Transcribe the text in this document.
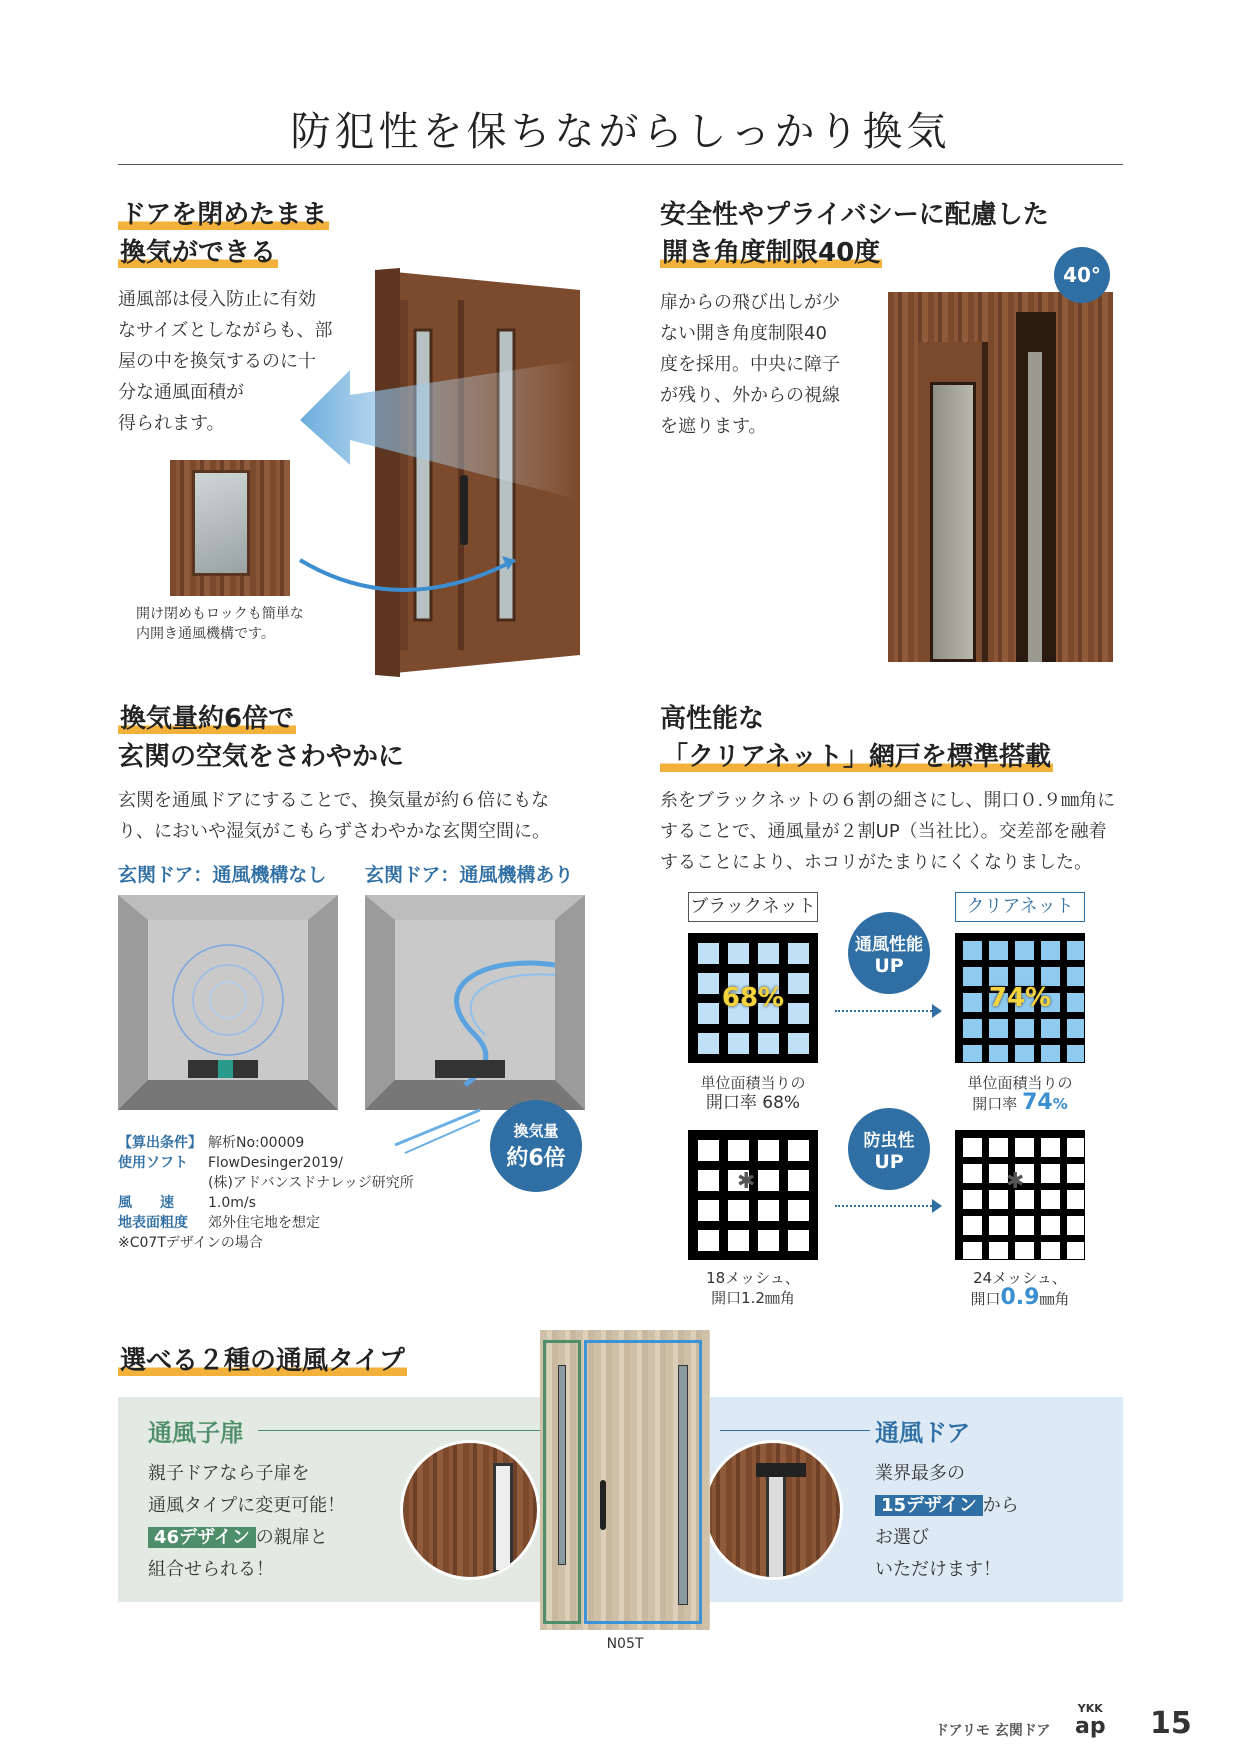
防犯性を保ちながらしっかり換気
ドアを閉めたまま
換気ができる
通風部は侵入防止に有効
なサイズとしながらも、部
屋の中を換気するのに十
分な通風面積が
得られます。
開け閉めもロックも簡単な
内開き通風機構です。
安全性やプライバシーに配慮した
開き角度制限40度
扉からの飛び出しが少
ない開き角度制限40
度を採用。中央に障子
が残り、外からの視線
を遮ります。
40°
換気量約6倍で
玄関の空気をさわやかに
玄関を通風ドアにすることで、換気量が約６倍にもな
り、においや湿気がこもらずさわやかな玄関空間に。
玄関ドア：通風機構なし 玄関ドア：通風機構あり
換気量
約6倍
【算出条件】 解析No:00009
使用ソフト FlowDesinger2019/
(株)アドバンスドナレッジ研究所
風　　速 1.0m/s
地表面粗度 郊外住宅地を想定
※C07Tデザインの場合
高性能な
「クリアネット」網戸を標準搭載
糸をブラックネットの６割の細さにし、開口０.９㎜角に
することで、通風量が２割UP（当社比）。交差部を融着
することにより、ホコリがたまりにくくなりました。
ブラックネット	クリアネット
68%	74%
通風性能
UP
単位面積当りの
開口率 68%
単位面積当りの
開口率 74%
✱	✱
防虫性
UP
18メッシュ、
開口1.2㎜角
24メッシュ、
開口0.9㎜角
選べる２種の通風タイプ
通風子扉
親子ドアなら子扉を
通風タイプに変更可能！
46デザイン の親扉と
組合せられる！
通風ドア
業界最多の
15デザイン から
お選び
いただけます！
N05T
ドアリモ 玄関ドア
YKK
ap 15
